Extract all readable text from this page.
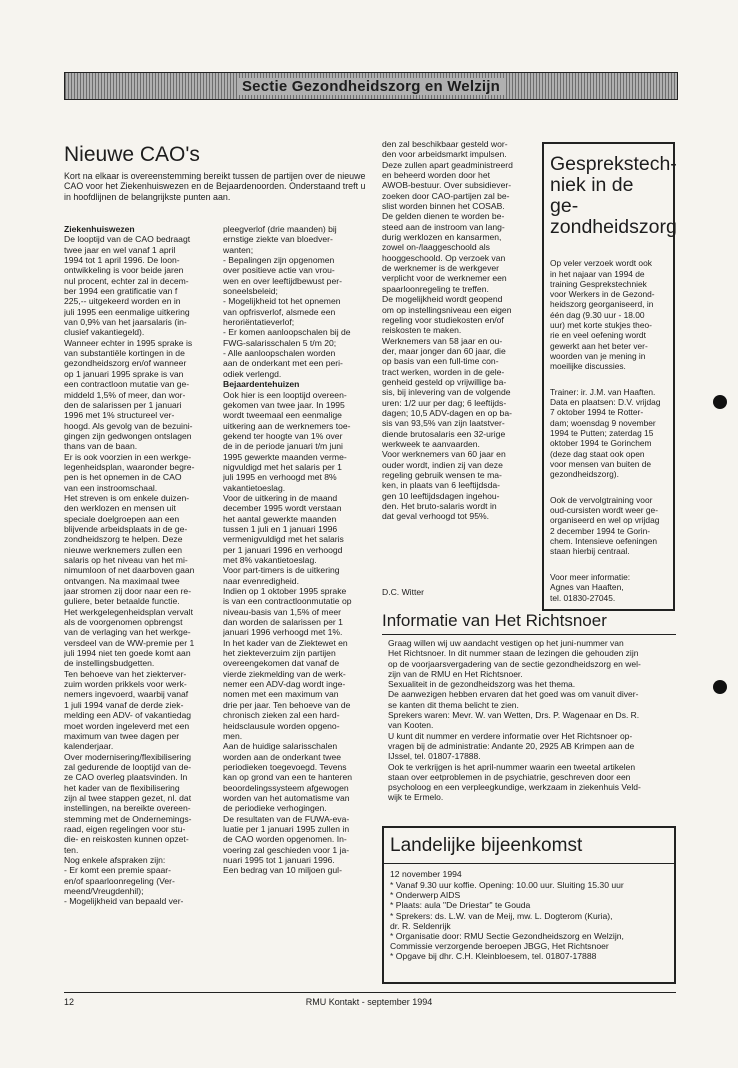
Sectie Gezondheidszorg en Welzijn
Nieuwe CAO's

Kort na elkaar is overeenstemming bereikt tussen de partijen over de nieuwe CAO voor het Ziekenhuiswezen en de Bejaardenoorden. Onderstaand treft u in hoofdlijnen de belangrijkste punten aan.

Ziekenhuiswezen
De looptijd van de CAO bedraagt
twee jaar en wel vanaf 1 april
1994 tot 1 april 1996. De loon-
ontwikkeling is voor beide jaren
nul procent, echter zal in decem-
ber 1994 een gratificatie van f
225,-- uitgekeerd worden en in
juli 1995 een eenmalige uitkering
van 0,9% van het jaarsalaris (in-
clusief vakantiegeld).
Wanneer echter in 1995 sprake is
van substantiële kortingen in de
gezondheidszorg en/of wanneer
op 1 januari 1995 sprake is van
een contractloon mutatie van ge-
middeld 1,5% of meer, dan wor-
den de salarissen per 1 januari
1996 met 1% structureel ver-
hoogd. Als gevolg van de bezuini-
gingen zijn gedwongen ontslagen
thans van de baan.
Er is ook voorzien in een werkge-
legenheidsplan, waaronder begre-
pen is het opnemen in de CAO
van een instroomschaal.
Het streven is om enkele duizen-
den werklozen en mensen uit
speciale doelgroepen aan een
blijvende arbeidsplaats in de ge-
zondheidszorg te helpen. Deze
nieuwe werknemers zullen een
salaris op het niveau van het mi-
nimumloon of net daarboven gaan
ontvangen. Na maximaal twee
jaar stromen zij door naar een re-
guliere, beter betaalde functie.
Het werkgelegenheidsplan vervalt
als de voorgenomen opbrengst
van de verlaging van het werkge-
versdeel van de WW-premie per 1
juli 1994 niet ten goede komt aan
de instellingsbudgetten.
Ten behoeve van het ziekterver-
zuim worden prikkels voor werk-
nemers ingevoerd, waarbij vanaf
1 juli 1994 vanaf de derde ziek-
melding een ADV- of vakantiedag
moet worden ingeleverd met een
maximum van twee dagen per
kalenderjaar.
Over modernisering/flexibilisering
zal gedurende de looptijd van de-
ze CAO overleg plaatsvinden. In
het kader van de flexibilisering
zijn al twee stappen gezet, nl. dat
instellingen, na bereikte overeen-
stemming met de Ondernemings-
raad, eigen regelingen voor stu-
die- en reiskosten kunnen opzet-
ten.
Nog enkele afspraken zijn:
- Er komt een premie spaar-
en/of spaarloonregeling (Ver-
meend/Vreugdenhil);
- Mogelijkheid van bepaald ver-
pleegverlof (drie maanden) bij
ernstige ziekte van bloedver-
wanten;
- Bepalingen zijn opgenomen
over positieve actie van vrou-
wen en over leeftijdbewust per-
soneelsbeleid;
- Mogelijkheid tot het opnemen
van opfrisverlof, alsmede een
heroriëntatieverlof;
- Er komen aanloopschalen bij de
FWG-salarisschalen 5 t/m 20;
- Alle aanloopschalen worden
aan de onderkant met een peri-
odiek verlengd.

Bejaardentehuizen
Ook hier is een looptijd overeen-
gekomen van twee jaar. In 1995
wordt tweemaal een eenmalige
uitkering aan de werknemers toe-
gekend ter hoogte van 1% over
de in de periode januari t/m juni
1995 gewerkte maanden verme-
nigvuldigd met het salaris per 1
juli 1995 en verhoogd met 8%
vakantietoeslag.
Voor de uitkering in de maand
december 1995 wordt verstaan
het aantal gewerkte maanden
tussen 1 juli en 1 januari 1996
vermenigvuldigd met het salaris
per 1 januari 1996 en verhoogd
met 8% vakantietoeslag.
Voor part-timers is de uitkering
naar evenredigheid.
Indien op 1 oktober 1995 sprake
is van een contractloonmutatie op
niveau-basis van 1,5% of meer
dan worden de salarissen per 1
januari 1996 verhoogd met 1%.
In het kader van de Ziektewet en
het ziekteverzuim zijn partijen
overeengekomen dat vanaf de
vierde ziekmelding van de werk-
nemer een ADV-dag wordt inge-
nomen met een maximum van
drie per jaar. Ten behoeve van de
chronisch zieken zal een hard-
heidsclausule worden opgeno-
men.
Aan de huidige salarisschalen
worden aan de onderkant twee
periodieken toegevoegd. Tevens
kan op grond van een te hanteren
beoordelingssysteem afgewogen
worden van het automatisme van
de periodieke verhogingen.
De resultaten van de FUWA-eva-
luatie per 1 januari 1995 zullen in
de CAO worden opgenomen. In-
voering zal geschieden voor 1 ja-
nuari 1995 tot 1 januari 1996.
Een bedrag van 10 miljoen gul-
den zal beschikbaar gesteld wor-
den voor arbeidsmarkt impulsen.
Deze zullen apart geadministreerd
en beheerd worden door het
AWOB-bestuur. Over subsidiever-
zoeken door CAO-partijen zal be-
slist worden binnen het COSAB.
De gelden dienen te worden be-
steed aan de instroom van lang-
durig werklozen en kansarmen,
zowel on-/laaggeschoold als
hooggeschoold. Op verzoek van
de werknemer is de werkgever
verplicht voor de werknemer een
spaarloonregeling te treffen.
De mogelijkheid wordt geopend
om op instellingsniveau een eigen
regeling voor studiekosten en/of
reiskosten te maken.
Werknemers van 58 jaar en ou-
der, maar jonger dan 60 jaar, die
op basis van een full-time con-
tract werken, worden in de gele-
genheid gesteld op vrijwillige ba-
sis, bij inlevering van de volgende
uren: 1/2 uur per dag; 6 leeftijds-
dagen; 10,5 ADV-dagen en op ba-
sis van 93,5% van zijn laatstver-
diende brutosalaris een 32-urige
werkweek te aanvaarden.
Voor werknemers van 60 jaar en
ouder wordt, indien zij van deze
regeling gebruik wensen te ma-
ken, in plaats van 6 leeftijdsda-
gen 10 leeftijdsdagen ingehou-
den. Het bruto-salaris wordt in
dat geval verhoogd tot 95%.
D.C. Witter
Gesprekstech-
niek in de ge-
zondheidszorg

Op veler verzoek wordt ook
in het najaar van 1994 de
training Gesprekstechniek
voor Werkers in de Gezond-
heidszorg georganiseerd, in
één dag (9.30 uur - 18.00
uur) met korte stukjes theo-
rie en veel oefening wordt
gewerkt aan het beter ver-
woorden van je mening in
moeilijke discussies.

Trainer: ir. J.M. van Haaften.
Data en plaatsen: D.V. vrijdag
7 oktober 1994 te Rotter-
dam; woensdag 9 november
1994 te Putten; zaterdag 15
oktober 1994 te Gorinchem
(deze dag staat ook open
voor mensen van buiten de
gezondheidszorg).

Ook de vervolgtraining voor
oud-cursisten wordt weer ge-
organiseerd en wel op vrijdag
2 december 1994 te Gorin-
chem. Intensieve oefeningen
staan hierbij centraal.

Voor meer informatie:
Agnes van Haaften,
tel. 01830-27045.

Informatie van Het Richtsnoer
Graag willen wij uw aandacht vestigen op het juni-nummer van
Het Richtsnoer. In dit nummer staan de lezingen die gehouden zijn
op de voorjaarsvergadering van de sectie gezondheidszorg en wel-
zijn van de RMU en Het Richtsnoer.
Sexualiteit in de gezondheidszorg was het thema.
De aanwezigen hebben ervaren dat het goed was om vanuit diver-
se kanten dit thema belicht te zien.
Sprekers waren: Mevr. W. van Wetten, Drs. P. Wagenaar en Ds. R.
van Kooten.
U kunt dit nummer en verdere informatie over Het Richtsnoer op-
vragen bij de administratie: Andante 20, 2925 AB Krimpen aan de
IJssel, tel. 01807-17888.
Ook te verkrijgen is het april-nummer waarin een tweetal artikelen
staan over eetproblemen in de psychiatrie, geschreven door een
psycholoog en een verpleegkundige, werkzaam in ziekenhuis Veld-
wijk te Ermelo.
Landelijke bijeenkomst
12 november 1994
* Vanaf 9.30 uur koffie. Opening: 10.00 uur. Sluiting 15.30 uur
* Onderwerp AIDS
* Plaats: aula "De Driestar" te Gouda
* Sprekers: ds. L.W. van de Meij, mw. L. Dogterom (Kuria),
dr. R. Seldenrijk
* Organisatie door: RMU Sectie Gezondheidszorg en Welzijn,
Commissie verzorgende beroepen JBGG, Het Richtsnoer
* Opgave bij dhr. C.H. Kleinbloesem, tel. 01807-17888
12	RMU Kontakt - september 1994
